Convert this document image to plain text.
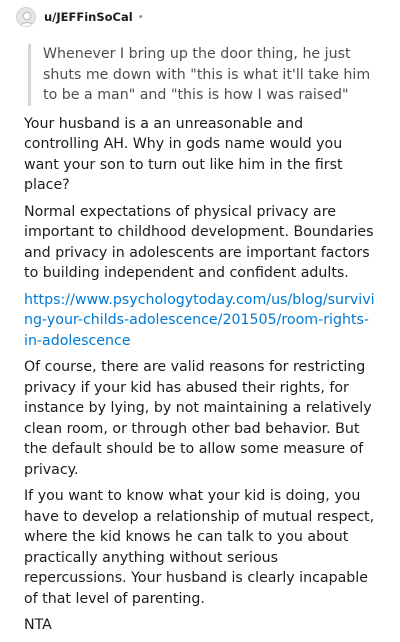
u/JEFFinSoCal •
Whenever I bring up the door thing, he just shuts me down with "this is what it'll take him to be a man" and "this is how I was raised"

Your husband is a an unreasonable and controlling AH. Why in gods name would you want your son to turn out like him in the first place?

Normal expectations of physical privacy are important to childhood development. Boundaries and privacy in adolescents are important factors to building independent and confident adults.

https://www.psychologytoday.com/us/blog/surviving-your-childs-adolescence/201505/room-rights-in-adolescence

Of course, there are valid reasons for restricting privacy if your kid has abused their rights, for instance by lying, by not maintaining a relatively clean room, or through other bad behavior. But the default should be to allow some measure of privacy.

If you want to know what your kid is doing, you have to develop a relationship of mutual respect, where the kid knows he can talk to you about practically anything without serious repercussions. Your husband is clearly incapable of that level of parenting.

NTA
